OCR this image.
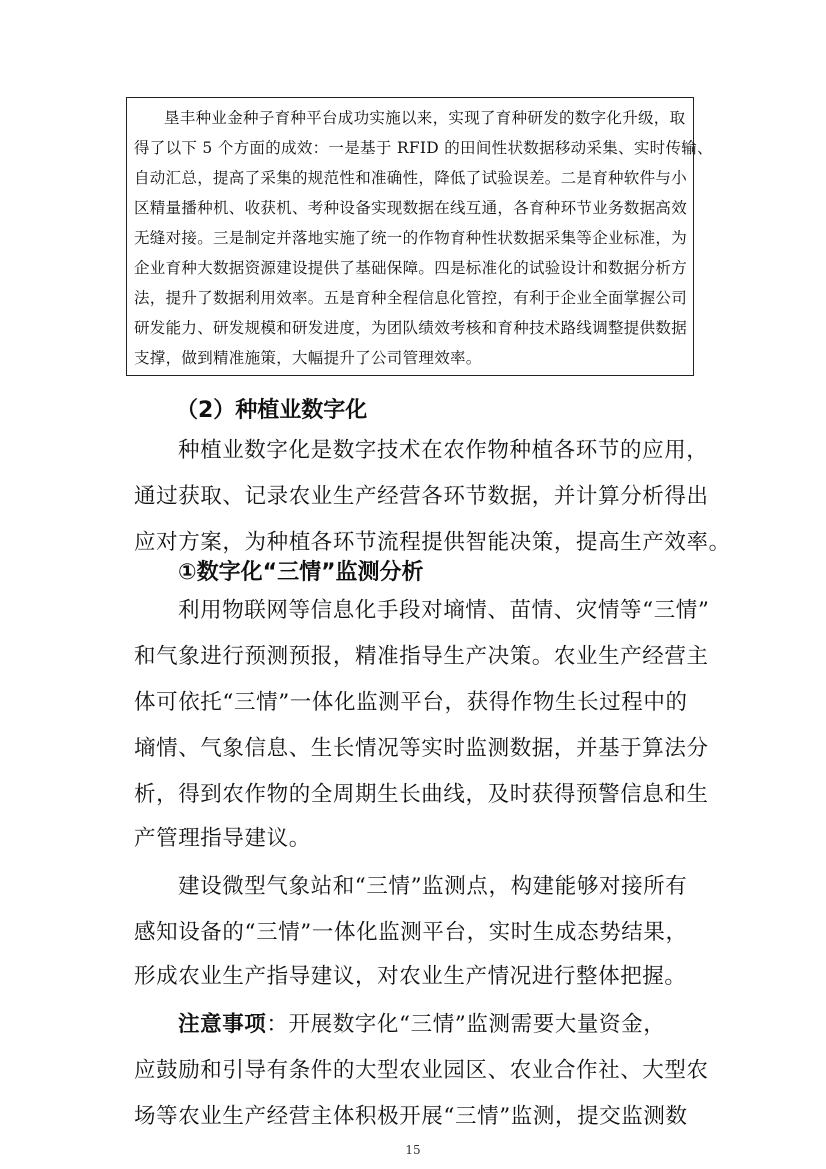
垦丰种业金种子育种平台成功实施以来，实现了育种研发的数字化升级，取
得了以下 5 个方面的成效：一是基于 RFID 的田间性状数据移动采集、实时传输、
自动汇总，提高了采集的规范性和准确性，降低了试验误差。二是育种软件与小
区精量播种机、收获机、考种设备实现数据在线互通，各育种环节业务数据高效
无缝对接。三是制定并落地实施了统一的作物育种性状数据采集等企业标准，为
企业育种大数据资源建设提供了基础保障。四是标准化的试验设计和数据分析方
法，提升了数据利用效率。五是育种全程信息化管控，有利于企业全面掌握公司
研发能力、研发规模和研发进度，为团队绩效考核和育种技术路线调整提供数据
支撑，做到精准施策，大幅提升了公司管理效率。
（2）种植业数字化
种植业数字化是数字技术在农作物种植各环节的应用，
通过获取、记录农业生产经营各环节数据，并计算分析得出
应对方案，为种植各环节流程提供智能决策，提高生产效率。
①数字化“三情”监测分析
利用物联网等信息化手段对墒情、苗情、灾情等“三情”
和气象进行预测预报，精准指导生产决策。农业生产经营主
体可依托“三情”一体化监测平台，获得作物生长过程中的
墒情、气象信息、生长情况等实时监测数据，并基于算法分
析，得到农作物的全周期生长曲线，及时获得预警信息和生
产管理指导建议。
建设微型气象站和“三情”监测点，构建能够对接所有
感知设备的“三情”一体化监测平台，实时生成态势结果，
形成农业生产指导建议，对农业生产情况进行整体把握。
注意事项：开展数字化“三情”监测需要大量资金，
应鼓励和引导有条件的大型农业园区、农业合作社、大型农
场等农业生产经营主体积极开展“三情”监测，提交监测数
15
